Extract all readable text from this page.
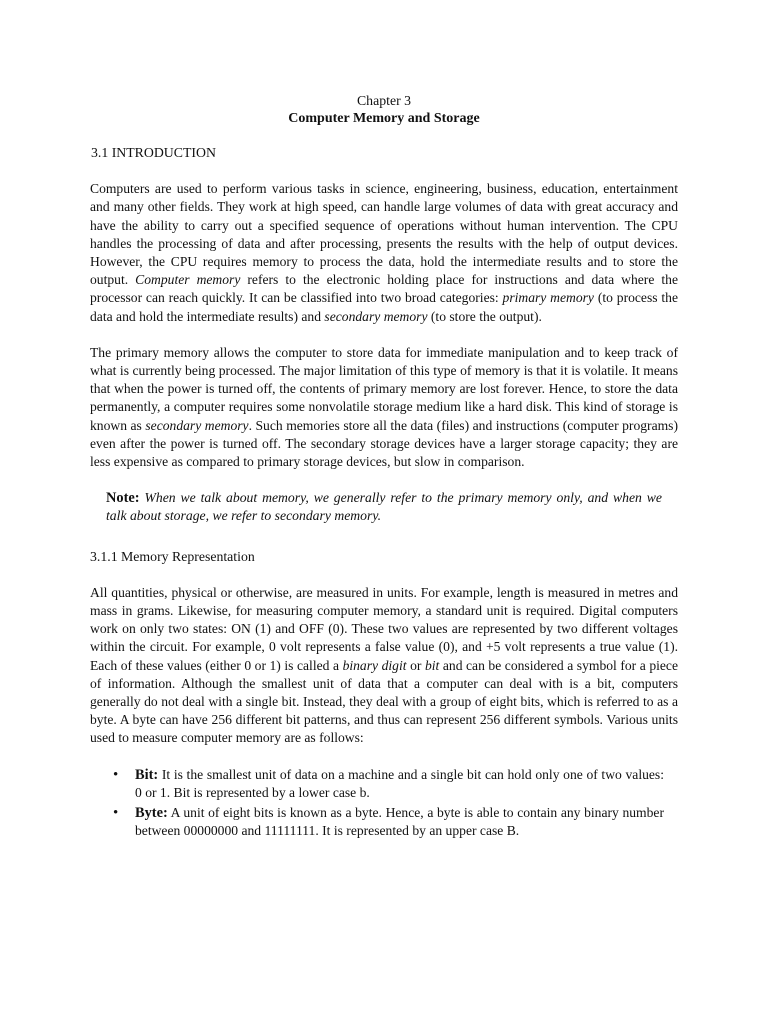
Chapter 3

Computer Memory and Storage

3.1 INTRODUCTION

Computers are used to perform various tasks in science, engineering, business, education, entertainment and many other fields. They work at high speed, can handle large volumes of data with great accuracy and have the ability to carry out a specified sequence of operations without human intervention. The CPU handles the processing of data and after processing, presents the results with the help of output devices. However, the CPU requires memory to process the data, hold the intermediate results and to store the output. Computer memory refers to the electronic holding place for instructions and data where the processor can reach quickly. It can be classified into two broad categories: primary memory (to process the data and hold the intermediate results) and secondary memory (to store the output).

The primary memory allows the computer to store data for immediate manipulation and to keep track of what is currently being processed. The major limitation of this type of memory is that it is volatile. It means that when the power is turned off, the contents of primary memory are lost forever. Hence, to store the data permanently, a computer requires some nonvolatile storage medium like a hard disk. This kind of storage is known as secondary memory. Such memories store all the data (files) and instructions (computer programs) even after the power is turned off. The secondary storage devices have a larger storage capacity; they are less expensive as compared to primary storage devices, but slow in comparison.

Note: When we talk about memory, we generally refer to the primary memory only, and when we talk about storage, we refer to secondary memory.

3.1.1 Memory Representation

All quantities, physical or otherwise, are measured in units. For example, length is measured in metres and mass in grams. Likewise, for measuring computer memory, a standard unit is required. Digital computers work on only two states: ON (1) and OFF (0). These two values are represented by two different voltages within the circuit. For example, 0 volt represents a false value (0), and +5 volt represents a true value (1). Each of these values (either 0 or 1) is called a binary digit or bit and can be considered a symbol for a piece of information. Although the smallest unit of data that a computer can deal with is a bit, computers generally do not deal with a single bit. Instead, they deal with a group of eight bits, which is referred to as a byte. A byte can have 256 different bit patterns, and thus can represent 256 different symbols. Various units used to measure computer memory are as follows:

• Bit: It is the smallest unit of data on a machine and a single bit can hold only one of two values: 0 or 1. Bit is represented by a lower case b.
• Byte: A unit of eight bits is known as a byte. Hence, a byte is able to contain any binary number between 00000000 and 11111111. It is represented by an upper case B.
